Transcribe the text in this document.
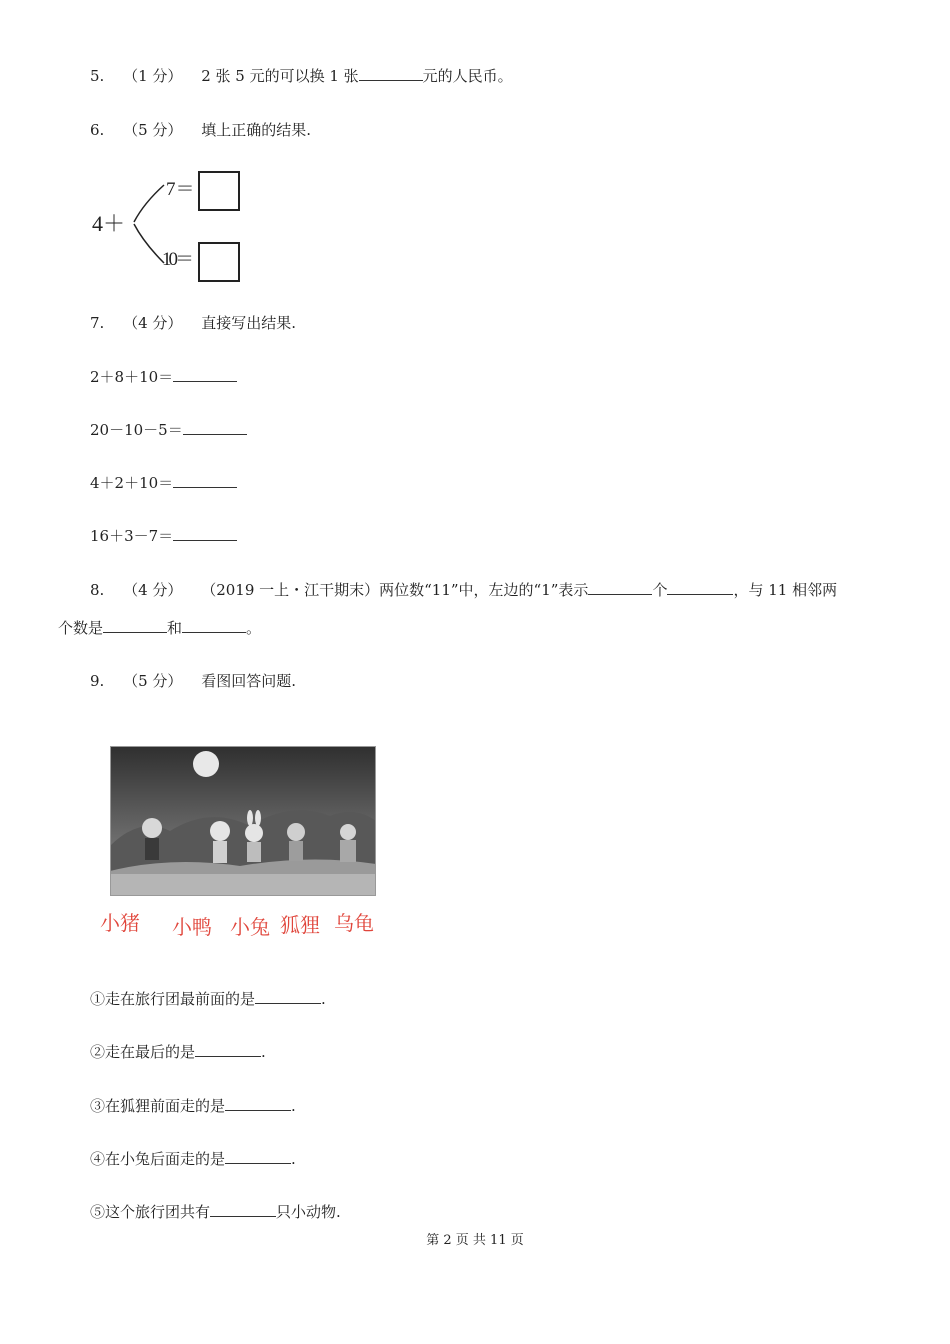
5. （1 分） 2 张 5 元的可以换 1 张	元的人民币。
6. （5 分） 填上正确的结果.
4＋
7＝
10＝
7. （4 分） 直接写出结果.
2＋8＋10＝
20－10－5＝
4＋2＋10＝
16＋3－7＝
8. （4 分） （2019 一上・江干期末）两位数“11”中，左边的“1”表示	个	，与 11 相邻两
个数是	和	。
9. （5 分） 看图回答问题.
小猪 小鸭 小兔 狐狸 乌龟
①走在旅行团最前面的是	.
②走在最后的是	.
③在狐狸前面走的是	.
④在小兔后面走的是	.
⑤这个旅行团共有	只小动物.
第 2 页 共 11 页
